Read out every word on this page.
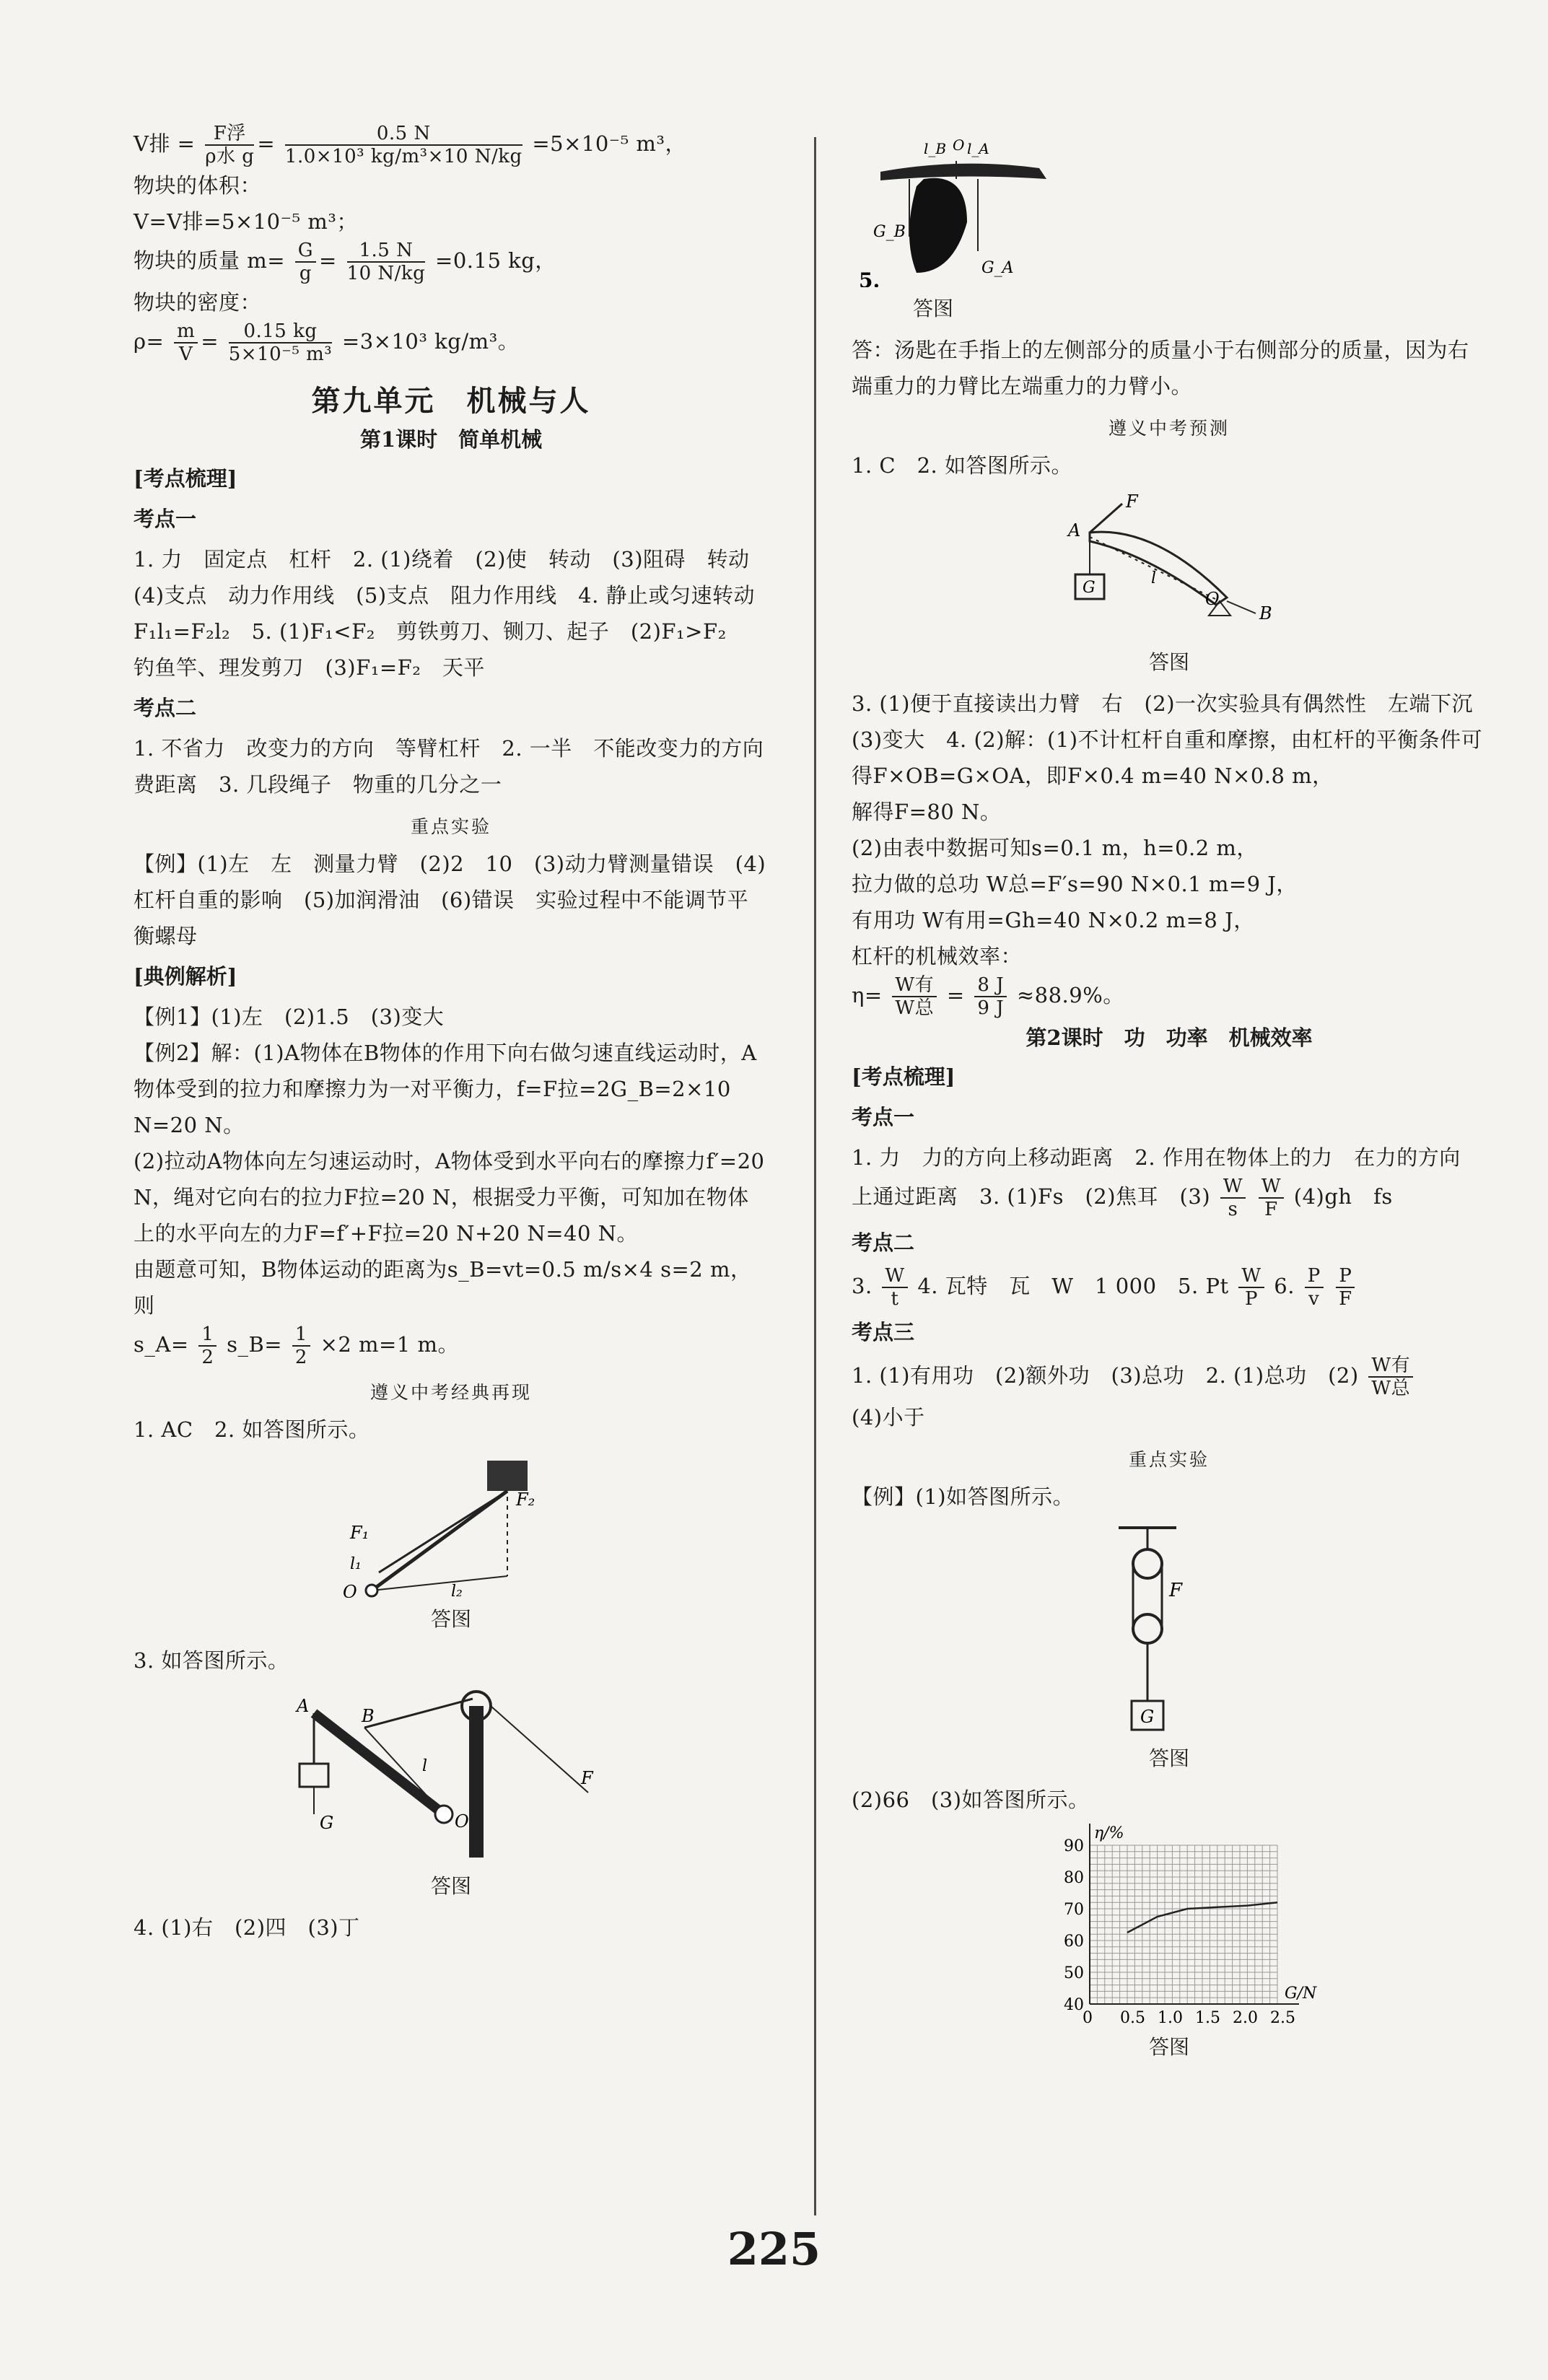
V排 = $\frac{\text{F浮}}{\text{ρ水 g}} = \frac{0.5 N}{\text{1.0×10³ kg/m³×10 N/kg}} =5\times 10^{-5}$ m³，

物块的体积：

V=V排=5×10⁻⁵ m³；

物块的质量 $m= \frac{G}{g} = \frac{1.5 N}{10 N/kg} =0.15$ kg，

物块的密度：

$\rho= \frac{m}{V} = \frac{0.15 kg}{\text{5×10⁻⁵ m³}} =3\times 10^3$ kg/m³。

第九单元　机械与人
第1课时　简单机械
[考点梳理]
考点一

1. 力　固定点　杠杆　2. (1)绕着　(2)使　转动　(3)阻碍　转动　(4)支点　动力作用线　(5)支点　阻力作用线　4. 静止或匀速转动　F₁l₁=F₂l₂　5. (1)F₁<F₂　剪铁剪刀、铡刀、起子　(2)F₁>F₂　钓鱼竿、理发剪刀　(3)F₁=F₂　天平

考点二

1. 不省力　改变力的方向　等臂杠杆　2. 一半　不能改变力的方向　费距离　3. 几段绳子　物重的几分之一

重点实验

【例】(1)左　左　测量力臂　(2)2　10　(3)动力臂测量错误　(4)杠杆自重的影响　(5)加润滑油　(6)错误　实验过程中不能调节平衡螺母

[典例解析]

【例1】(1)左　(2)1.5　(3)变大

【例2】解：(1)A物体在B物体的作用下向右做匀速直线运动时，A物体受到的拉力和摩擦力为一对平衡力，f=F拉=2G_B=2×10 N=20 N。

(2)拉动A物体向左匀速运动时，A物体受到水平向右的摩擦力f′=20 N，绳对它向右的拉力F拉=20 N，根据受力平衡，可知加在物体上的水平向左的力F=f′+F拉=20 N+20 N=40 N。

由题意可知，B物体运动的距离为s_B=vt=0.5 m/s×4 s=2 m，则

s_A= $\frac{1}{2}$ s_B= $\frac{1}{2} \times 2$ m=1 m。

遵义中考经典再现

1. AC　2. 如答图所示。

F₁
F₂
l₁
l₂
O
答图

3. 如答图所示。

A	B
l
F
O
G
答图

4. (1)右　(2)四　(3)丁

5.
l_B O l_A
G_B
G_A
答图

答：汤匙在手指上的左侧部分的质量小于右侧部分的质量，因为右端重力的力臂比左端重力的力臂小。

遵义中考预测

1. C　2. 如答图所示。

F
A
G
l
O
B
答图

3. (1)便于直接读出力臂　右　(2)一次实验具有偶然性　左端下沉　(3)变大　4. (2)解：(1)不计杠杆自重和摩擦，由杠杆的平衡条件可得F×OB=G×OA，即F×0.4 m=40 N×0.8 m，

解得F=80 N。

(2)由表中数据可知s=0.1 m，h=0.2 m，

拉力做的总功 W总=F′s=90 N×0.1 m=9 J，

有用功 W有用=Gh=40 N×0.2 m=8 J，

杠杆的机械效率：

$\eta= \frac{\text{W有}}{\text{W总}} = \frac{8 J}{9 J} \approx 88.9\%$。

第2课时　功　功率　机械效率
[考点梳理]
考点一

1. 力　力的方向上移动距离　2. 作用在物体上的力　在力的方向

上通过距离　3. (1)Fs　(2)焦耳　$(3) \frac{W}{s}$
$\frac{W}{F} (4)gh$　fs

考点二

3. $\frac{W}{t} 4$. 瓦特　瓦　W　1 000　5. Pt $\frac{W}{P} 6$. $\frac{P}{v}$
$\frac{P}{F}$

考点三

1. (1)有用功　(2)额外功　(3)总功　2. (1)总功　$(2) \frac{\text{W有}}{\text{W总}}$

(4)小于

重点实验

【例】(1)如答图所示。

F
G
答图

(2)66　(3)如答图所示。

0 0.5 1.0 1.5 2.0 2.5
40
50
60
70
80
90
G/N
η/%
答图
225
